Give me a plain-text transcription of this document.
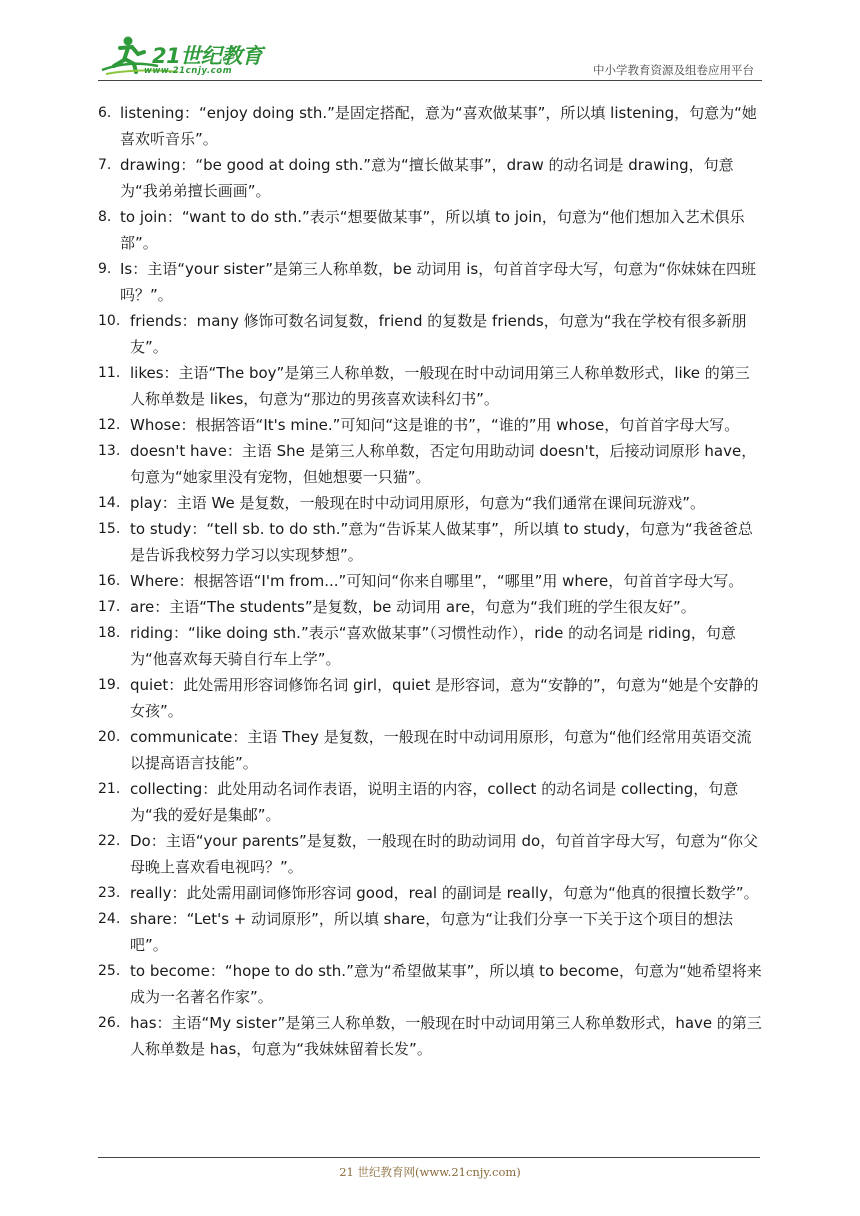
21世纪教育
www.21cnjy.com	中小学教育资源及组卷应用平台

6. listening：“enjoy doing sth.”是固定搭配，意为“喜欢做某事”，所以填 listening，句意为“她喜欢听音乐”。

7. drawing：“be good at doing sth.”意为“擅长做某事”，draw 的动名词是 drawing，句意为“我弟弟擅长画画”。

8. to join：“want to do sth.”表示“想要做某事”，所以填 to join，句意为“他们想加入艺术俱乐部”。

9. Is：主语“your sister”是第三人称单数，be 动词用 is，句首首字母大写，句意为“你妹妹在四班吗？”。

10. friends：many 修饰可数名词复数，friend 的复数是 friends，句意为“我在学校有很多新朋友”。

11. likes：主语“The boy”是第三人称单数，一般现在时中动词用第三人称单数形式，like 的第三人称单数是 likes，句意为“那边的男孩喜欢读科幻书”。

12. Whose：根据答语“It's mine.”可知问“这是谁的书”，“谁的”用 whose，句首首字母大写。

13. doesn't have：主语 She 是第三人称单数，否定句用助动词 doesn't，后接动词原形 have，句意为“她家里没有宠物，但她想要一只猫”。

14. play：主语 We 是复数，一般现在时中动词用原形，句意为“我们通常在课间玩游戏”。

15. to study：“tell sb. to do sth.”意为“告诉某人做某事”，所以填 to study，句意为“我爸爸总是告诉我校努力学习以实现梦想”。

16. Where：根据答语“I'm from...”可知问“你来自哪里”，“哪里”用 where，句首首字母大写。

17. are：主语“The students”是复数，be 动词用 are，句意为“我们班的学生很友好”。

18. riding：“like doing sth.”表示“喜欢做某事”（习惯性动作），ride 的动名词是 riding，句意为“他喜欢每天骑自行车上学”。

19. quiet：此处需用形容词修饰名词 girl，quiet 是形容词，意为“安静的”，句意为“她是个安静的女孩”。

20. communicate：主语 They 是复数，一般现在时中动词用原形，句意为“他们经常用英语交流以提高语言技能”。

21. collecting：此处用动名词作表语，说明主语的内容，collect 的动名词是 collecting，句意为“我的爱好是集邮”。

22. Do：主语“your parents”是复数，一般现在时的助动词用 do，句首首字母大写，句意为“你父母晚上喜欢看电视吗？”。

23. really：此处需用副词修饰形容词 good，real 的副词是 really，句意为“他真的很擅长数学”。

24. share：“Let's + 动词原形”，所以填 share，句意为“让我们分享一下关于这个项目的想法吧”。

25. to become：“hope to do sth.”意为“希望做某事”，所以填 to become，句意为“她希望将来成为一名著名作家”。

26. has：主语“My sister”是第三人称单数，一般现在时中动词用第三人称单数形式，have 的第三人称单数是 has，句意为“我妹妹留着长发”。

21 世纪教育网(www.21cnjy.com)
